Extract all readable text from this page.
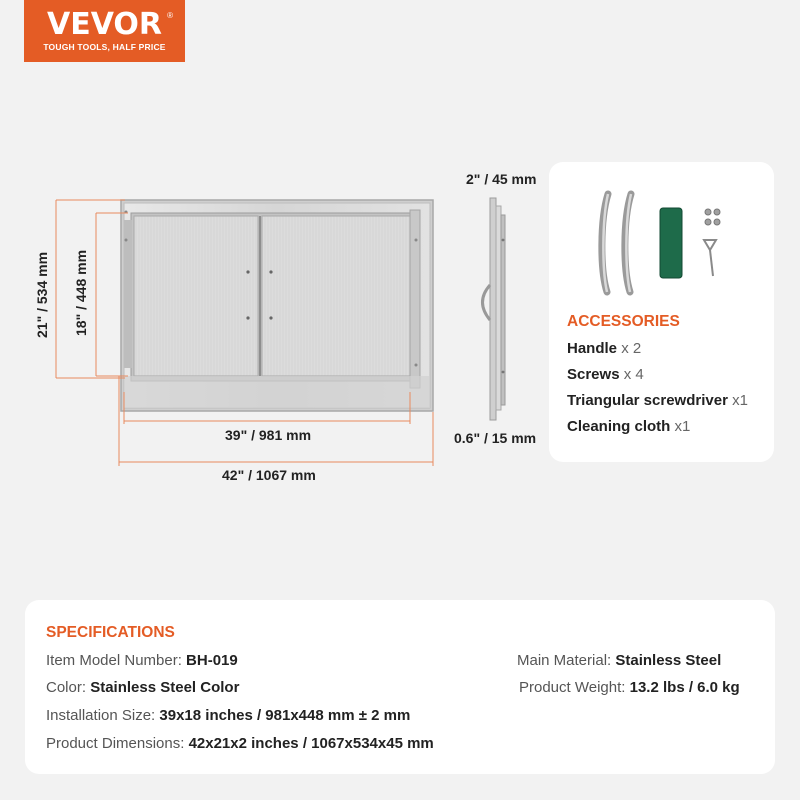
VEVOR ®
TOUGH TOOLS, HALF PRICE
21" / 534 mm 18" / 448 mm
39" / 981 mm
42" / 1067 mm
2" / 45 mm
0.6" / 15 mm
ACCESSORIES
Handle x 2
Screws x 4
Triangular screwdriver x1
Cleaning cloth x1
SPECIFICATIONS
Item Model Number: BH-019
Color: Stainless Steel Color
Installation Size: 39x18 inches / 981x448 mm ± 2 mm
Product Dimensions: 42x21x2 inches / 1067x534x45 mm
Main Material: Stainless Steel
Product Weight: 13.2 lbs / 6.0 kg
